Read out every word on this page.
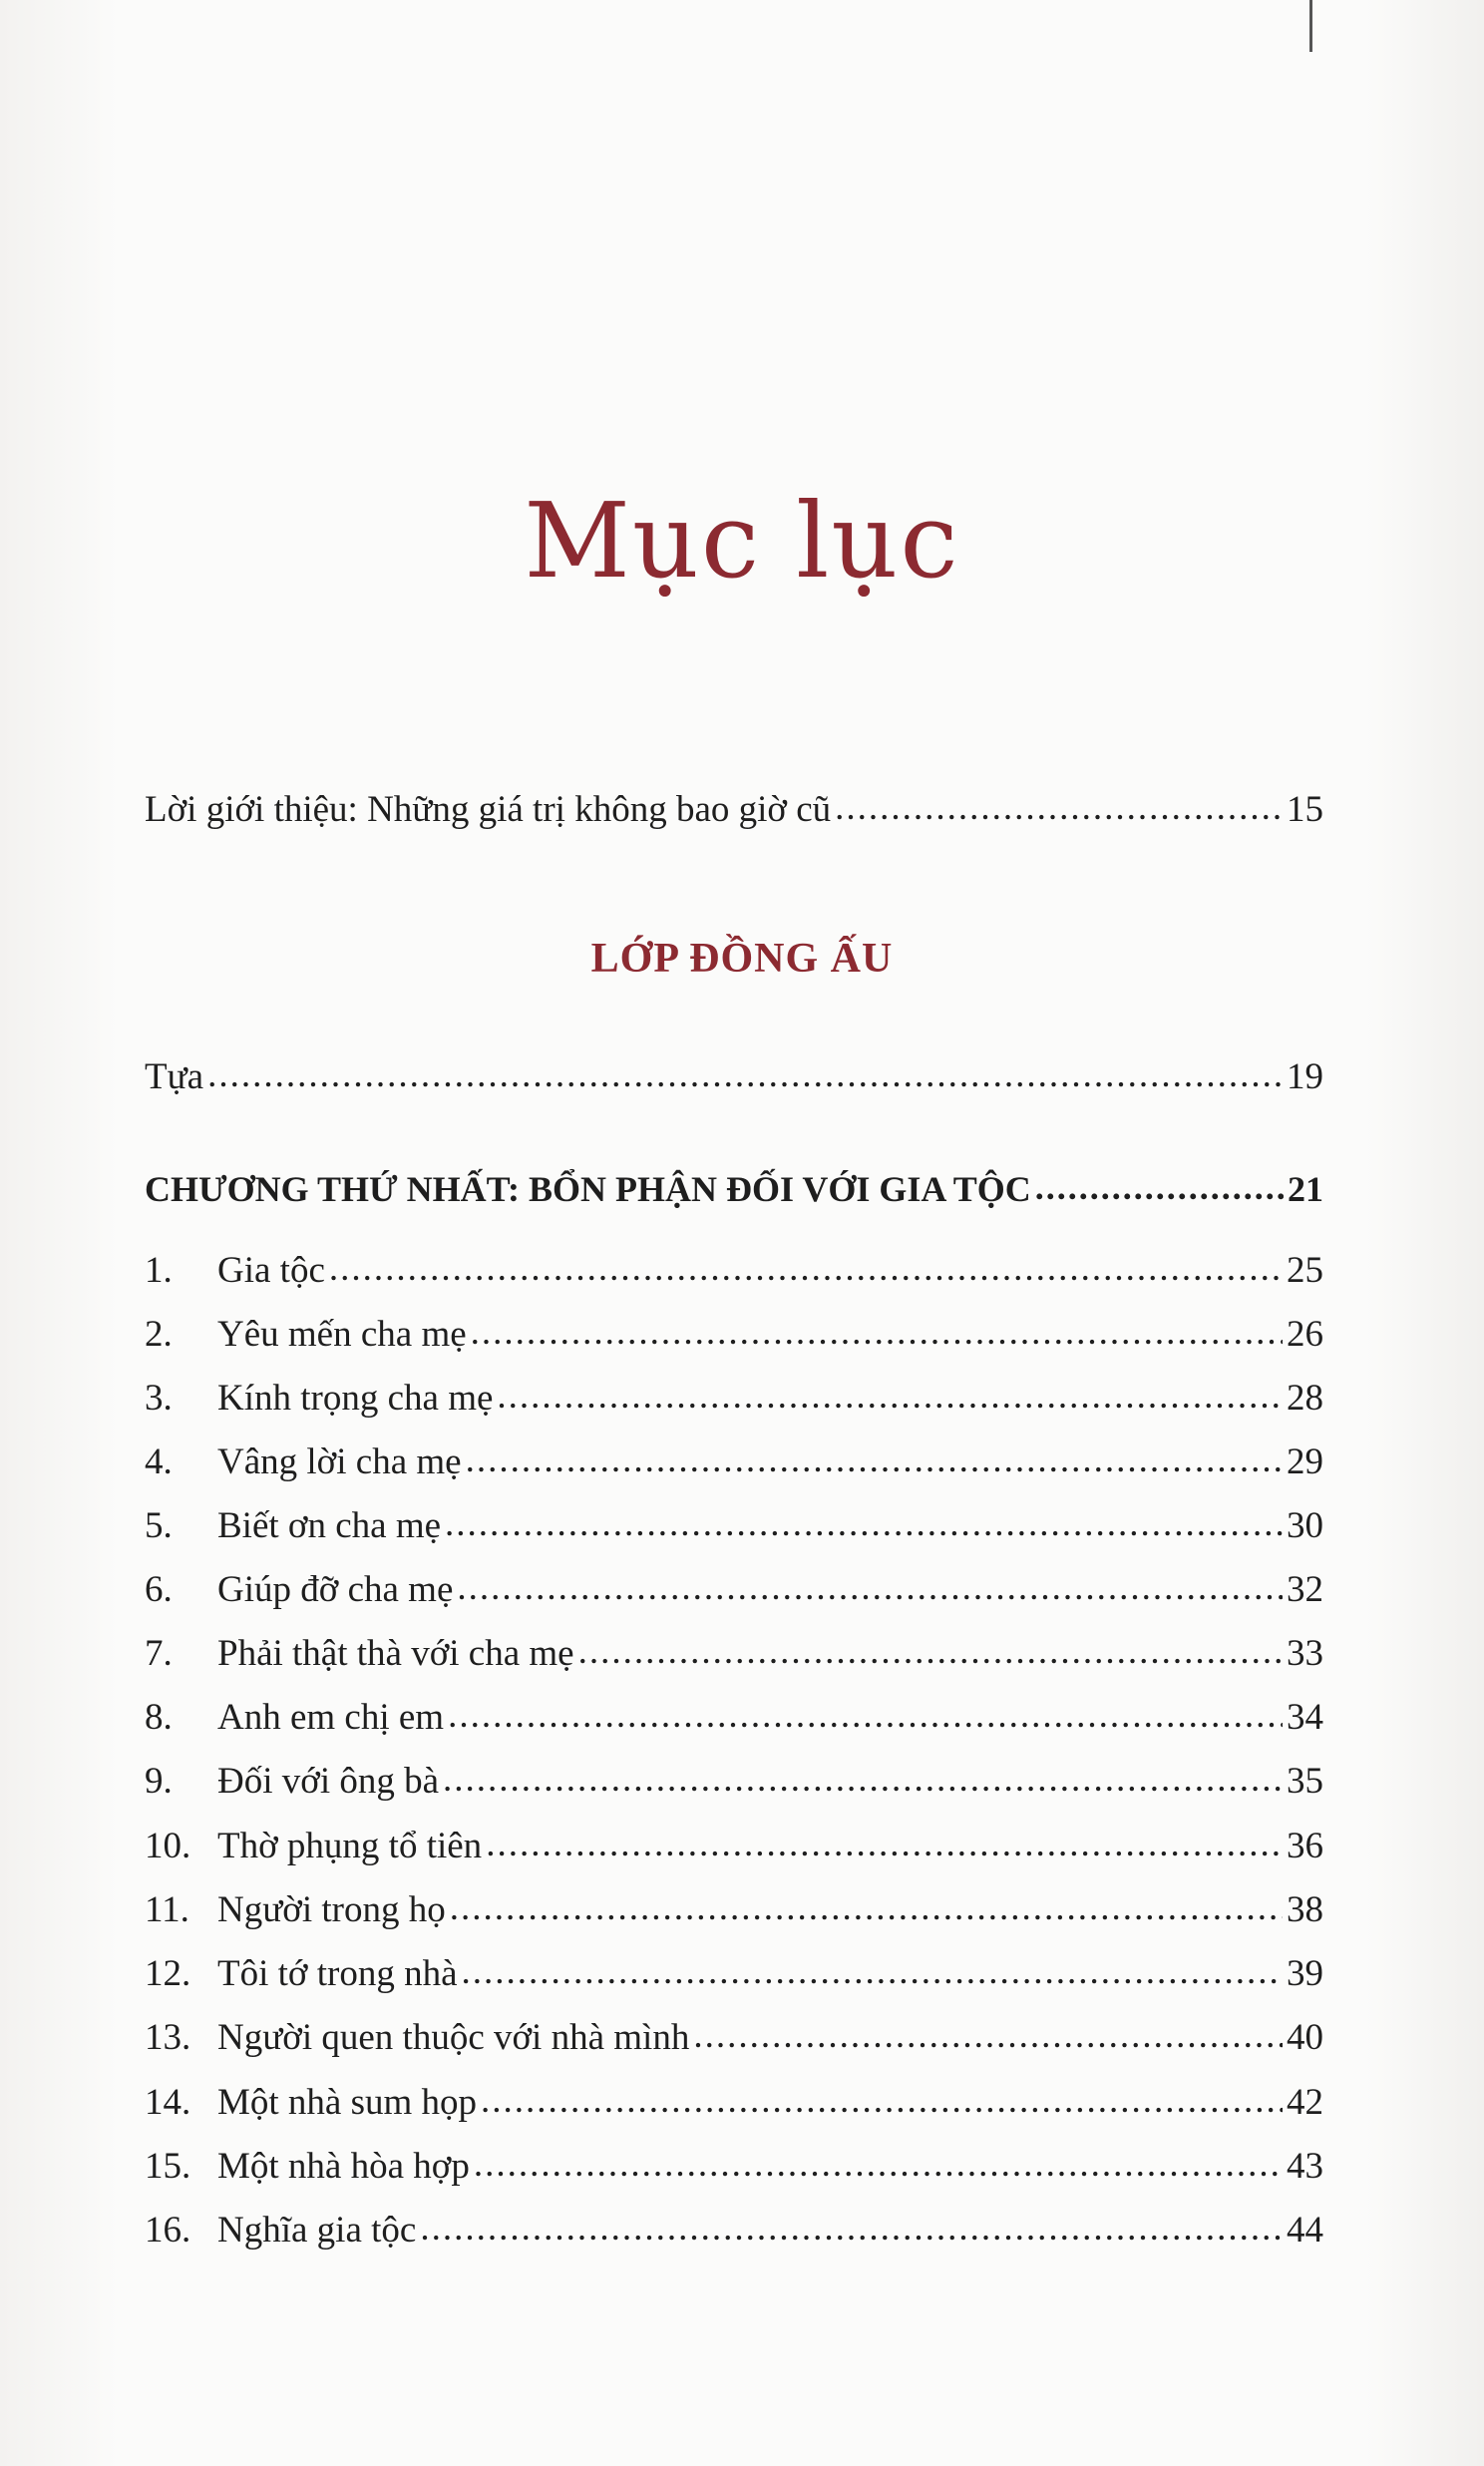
Mục lục
Lời giới thiệu: Những giá trị không bao giờ cũ .....	15
LỚP ĐỒNG ẤU
Tựa .....	19
CHƯƠNG THỨ NHẤT: BỔN PHẬN ĐỐI VỚI GIA TỘC .....	21
1.	Gia tộc .....	25
2.	Yêu mến cha mẹ .....	26
3.	Kính trọng cha mẹ .....	28
4.	Vâng lời cha mẹ .....	29
5.	Biết ơn cha mẹ .....	30
6.	Giúp đỡ cha mẹ .....	32
7.	Phải thật thà với cha mẹ .....	33
8.	Anh em chị em .....	34
9.	Đối với ông bà .....	35
10. Thờ phụng tổ tiên .....	36
11. Người trong họ .....	38
12. Tôi tớ trong nhà .....	39
13. Người quen thuộc với nhà mình .....	40
14. Một nhà sum họp .....	42
15. Một nhà hòa hợp .....	43
16. Nghĩa gia tộc .....	44
